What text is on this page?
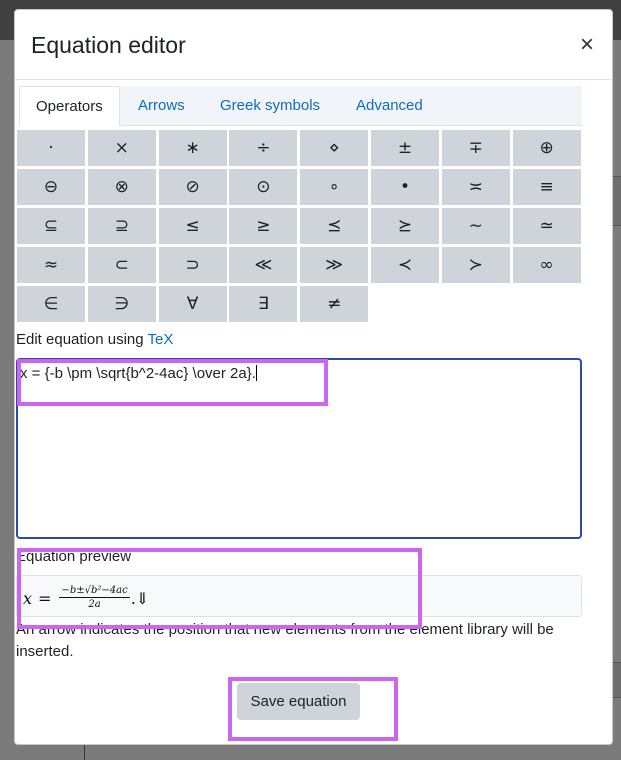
Equation editor	×
Operators	Arrows	Greek symbols	Advanced
·	×	∗	÷	⋄	±	∓	⊕
⊖	⊗	⊘	⊙	∘	•	≍	≡
⊆	⊇	≤	≥	⪯	⪰	∼	≃
≈	⊂	⊃	≪	≫	≺	≻	∞
∈	∋	∀	∃	≠
Edit equation using TeX
x = {-b \pm \sqrt{b^2-4ac} \over 2a}.
Equation preview
$x = \frac{\text{−b±√b²−4ac}}{2a}$ .⇓
An arrow indicates the position that new elements from the element library will be inserted.
Save equation
